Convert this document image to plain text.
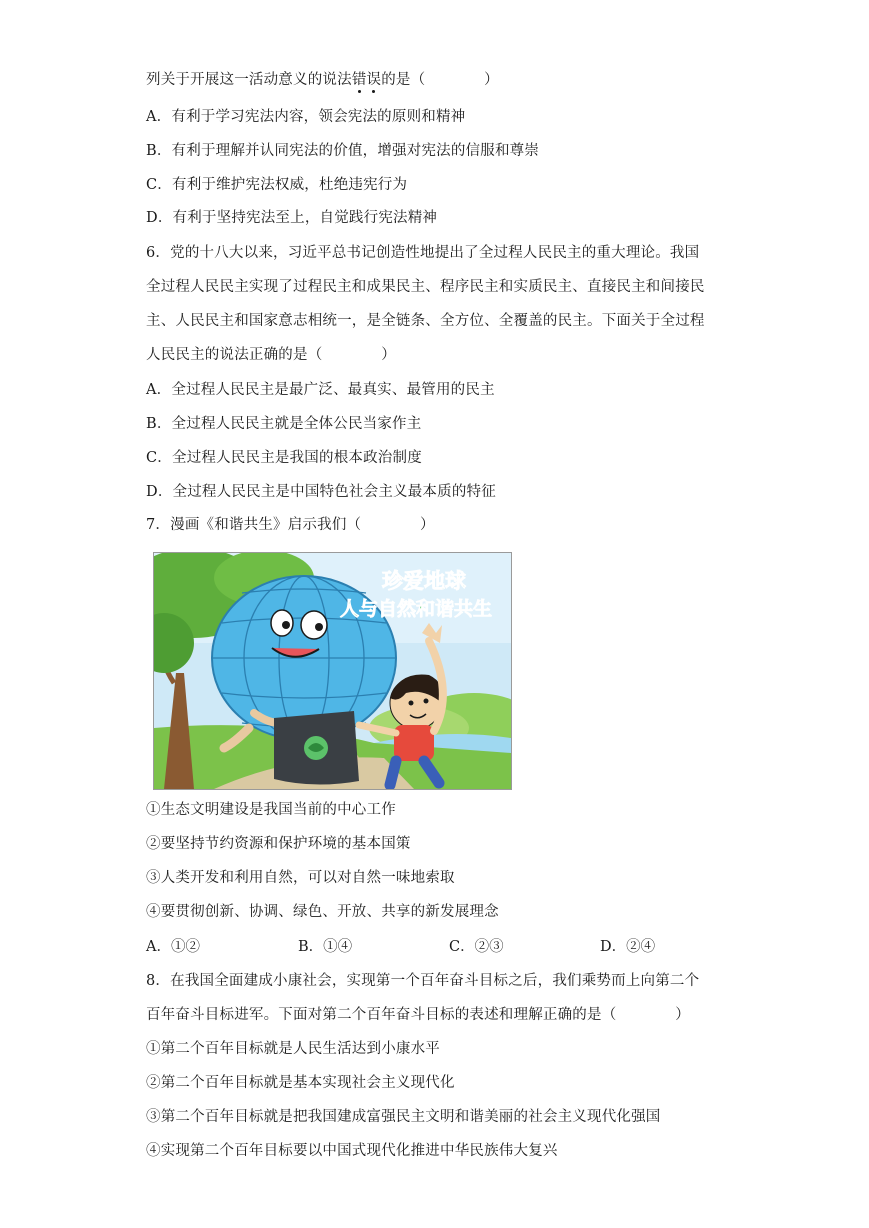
列关于开展这一活动意义的说法错误的是（　　　　）
A．有利于学习宪法内容，领会宪法的原则和精神
B．有利于理解并认同宪法的价值，增强对宪法的信服和尊崇
C．有利于维护宪法权威，杜绝违宪行为
D．有利于坚持宪法至上，自觉践行宪法精神
6．党的十八大以来，习近平总书记创造性地提出了全过程人民民主的重大理论。我国
全过程人民民主实现了过程民主和成果民主、程序民主和实质民主、直接民主和间接民
主、人民民主和国家意志相统一，是全链条、全方位、全覆盖的民主。下面关于全过程
人民民主的说法正确的是（　　　　）
A．全过程人民民主是最广泛、最真实、最管用的民主
B．全过程人民民主就是全体公民当家作主
C．全过程人民民主是我国的根本政治制度
D．全过程人民民主是中国特色社会主义最本质的特征
7．漫画《和谐共生》启示我们（　　　　）
珍爱地球
人与自然和谐共生
①生态文明建设是我国当前的中心工作
②要坚持节约资源和保护环境的基本国策
③人类开发和利用自然，可以对自然一味地索取
④要贯彻创新、协调、绿色、开放、共享的新发展理念
A．①②	B．①④	C．②③	D．②④
8．在我国全面建成小康社会，实现第一个百年奋斗目标之后，我们乘势而上向第二个
百年奋斗目标进军。下面对第二个百年奋斗目标的表述和理解正确的是（　　　　）
①第二个百年目标就是人民生活达到小康水平
②第二个百年目标就是基本实现社会主义现代化
③第二个百年目标就是把我国建成富强民主文明和谐美丽的社会主义现代化强国
④实现第二个百年目标要以中国式现代化推进中华民族伟大复兴
